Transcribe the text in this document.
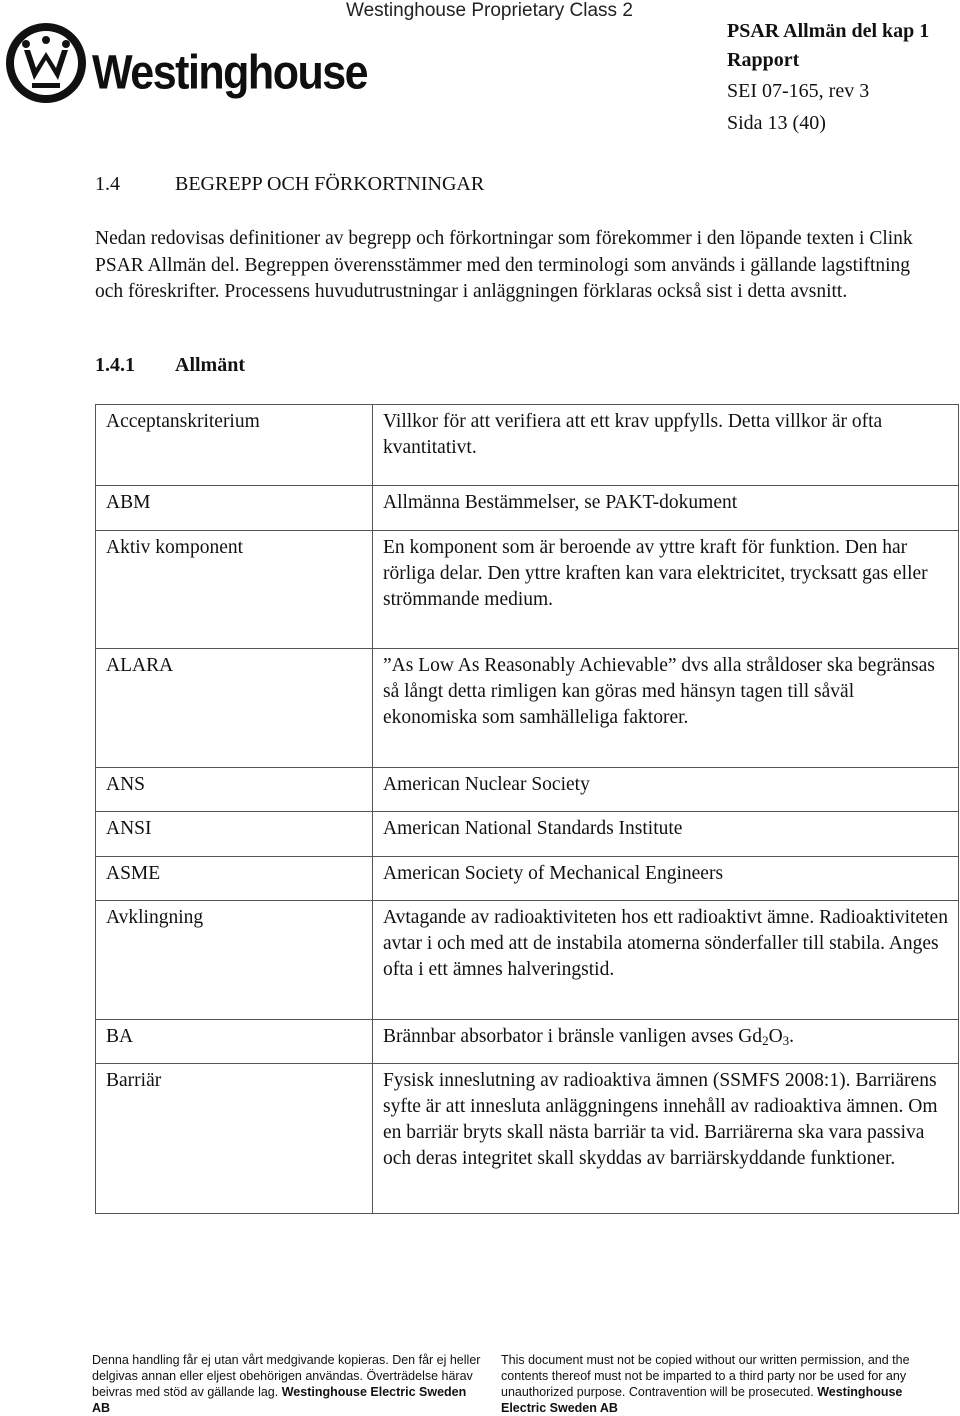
Westinghouse Proprietary Class 2
Westinghouse
PSAR Allmän del kap 1
Rapport
SEI 07-165, rev 3
Sida 13 (40)
1.4	BEGREPP OCH FÖRKORTNINGAR

Nedan redovisas definitioner av begrepp och förkortningar som förekommer i den löpande texten i Clink PSAR Allmän del. Begreppen överensstämmer med den terminologi som används i gällande lagstiftning och föreskrifter. Processens huvudutrustningar i anläggningen förklaras också sist i detta avsnitt.

1.4.1 Allmänt
Acceptanskriterium	Villkor för att verifiera att ett krav uppfylls. Detta villkor är ofta kvantitativt.
ABM	Allmänna Bestämmelser, se PAKT-dokument
Aktiv komponent	En komponent som är beroende av yttre kraft för funktion. Den har rörliga delar. Den yttre kraften kan vara elektricitet, trycksatt gas eller strömmande medium.
ALARA	”As Low As Reasonably Achievable” dvs alla stråldoser ska begränsas så långt detta rimligen kan göras med hänsyn tagen till såväl ekonomiska som samhälleliga faktorer.
ANS	American Nuclear Society
ANSI	American National Standards Institute
ASME	American Society of Mechanical Engineers
Avklingning	Avtagande av radioaktiviteten hos ett radioaktivt ämne. Radioaktiviteten avtar i och med att de instabila atomerna sönderfaller till stabila. Anges ofta i ett ämnes halveringstid.
BA	Brännbar absorbator i bränsle vanligen avses $Gd_2O_3$.
Barriär	Fysisk inneslutning av radioaktiva ämnen (SSMFS 2008:1). Barriärens syfte är att innesluta anläggningens innehåll av radioaktiva ämnen. Om en barriär bryts skall nästa barriär ta vid. Barriärerna ska vara passiva och deras integritet skall skyddas av barriärskyddande funktioner.
Denna handling får ej utan vårt medgivande kopieras. Den får ej heller delgivas annan eller eljest obehörigen användas. Överträdelse härav beivras med stöd av gällande lag. Westinghouse Electric Sweden AB
This document must not be copied without our written permission, and the contents thereof must not be imparted to a third party nor be used for any unauthorized purpose. Contravention will be prosecuted. Westinghouse Electric Sweden AB
